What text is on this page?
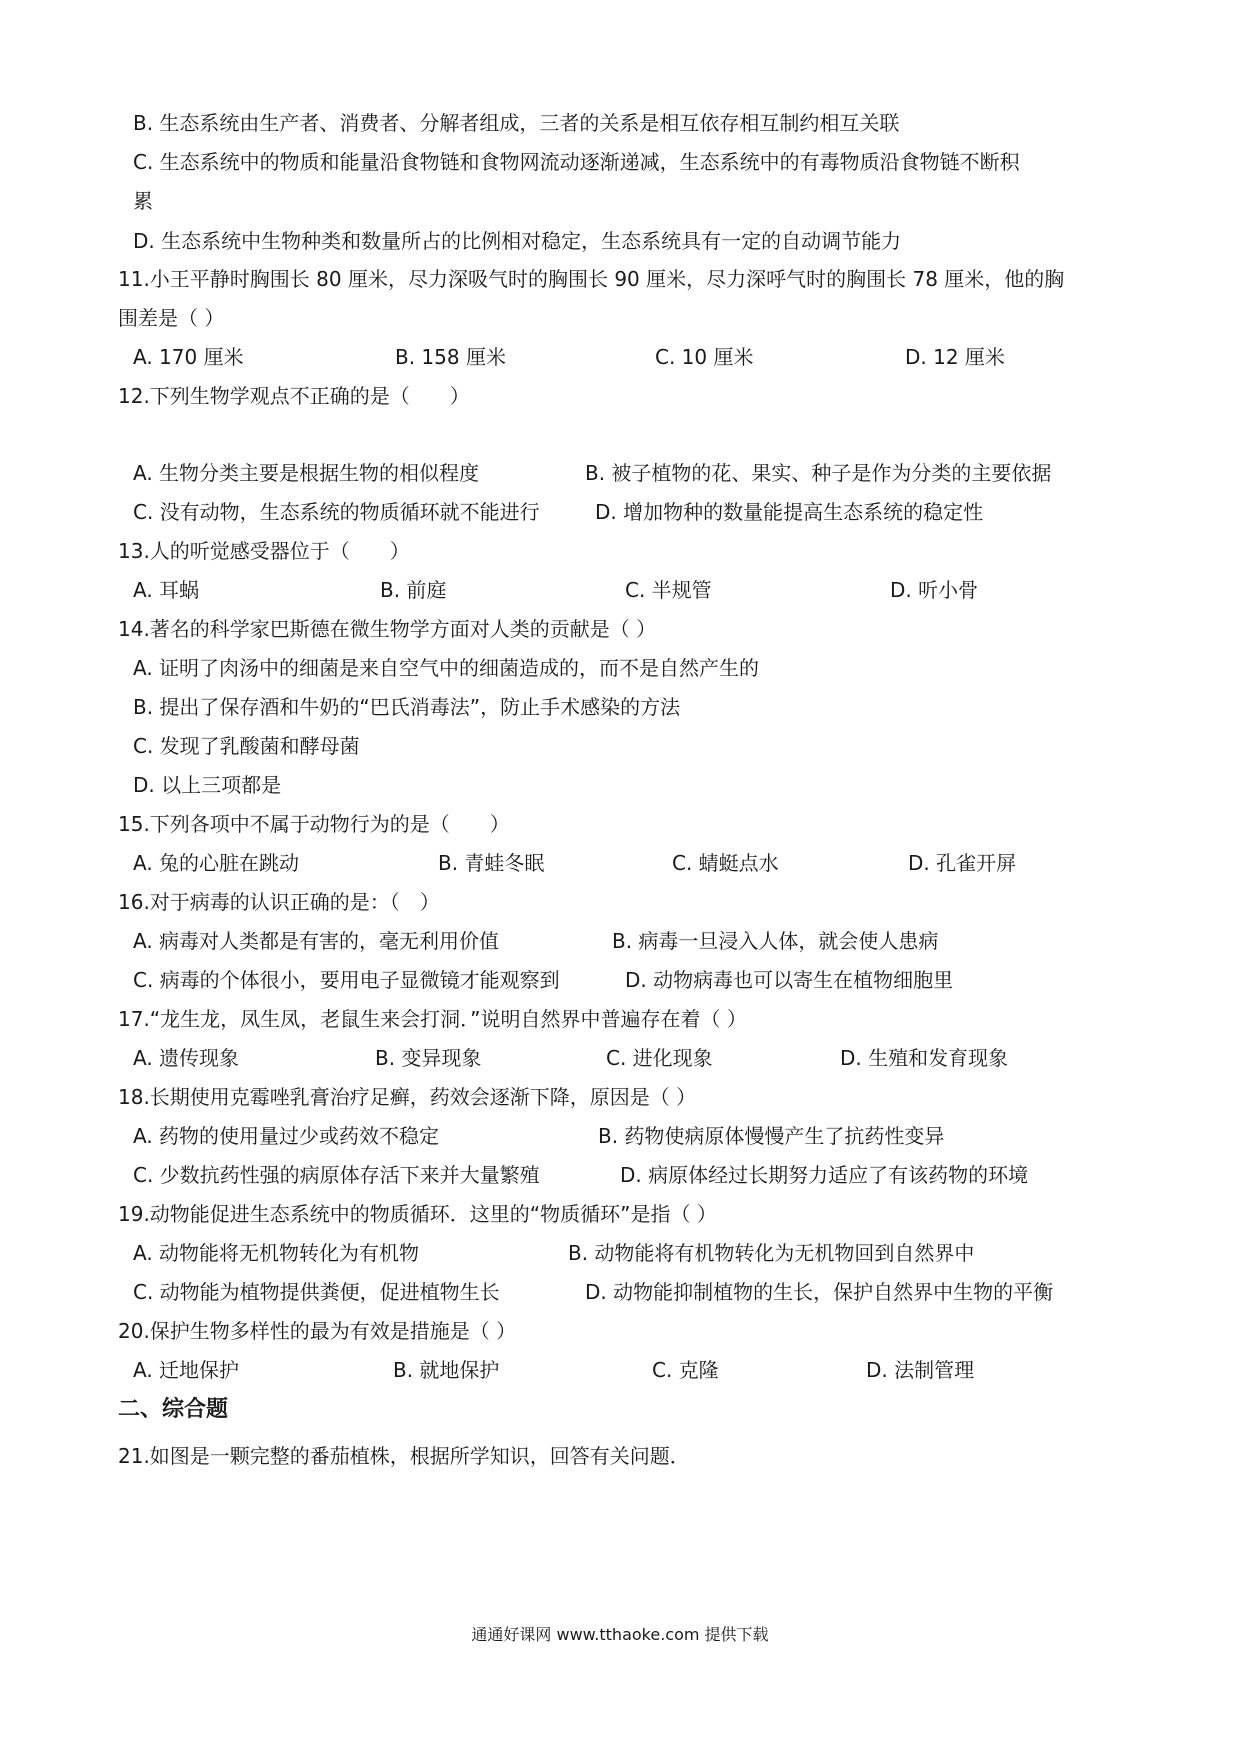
B. 生态系统由生产者、消费者、分解者组成，三者的关系是相互依存相互制约相互关联
C. 生态系统中的物质和能量沿食物链和食物网流动逐渐递减，生态系统中的有毒物质沿食物链不断积
累
D. 生态系统中生物种类和数量所占的比例相对稳定，生态系统具有一定的自动调节能力
11.小王平静时胸围长 80 厘米，尽力深吸气时的胸围长 90 厘米，尽力深呼气时的胸围长 78 厘米，他的胸
围差是（ ）
A. 170 厘米	B. 158 厘米	C. 10 厘米	D. 12 厘米
12.下列生物学观点不正确的是（　　）
A. 生物分类主要是根据生物的相似程度	B. 被子植物的花、果实、种子是作为分类的主要依据
C. 没有动物，生态系统的物质循环就不能进行	D. 增加物种的数量能提高生态系统的稳定性
13.人的听觉感受器位于（　　）
A. 耳蜗	B. 前庭	C. 半规管	D. 听小骨
14.著名的科学家巴斯德在微生物学方面对人类的贡献是（ ）
A. 证明了肉汤中的细菌是来自空气中的细菌造成的，而不是自然产生的
B. 提出了保存酒和牛奶的“巴氏消毒法”，防止手术感染的方法
C. 发现了乳酸菌和酵母菌
D. 以上三项都是
15.下列各项中不属于动物行为的是（　　）
A. 兔的心脏在跳动	B. 青蛙冬眠	C. 蜻蜓点水	D. 孔雀开屏
16.对于病毒的认识正确的是：（　）
A. 病毒对人类都是有害的，毫无利用价值	B. 病毒一旦浸入人体，就会使人患病
C. 病毒的个体很小，要用电子显微镜才能观察到	D. 动物病毒也可以寄生在植物细胞里
17.“龙生龙，凤生凤，老鼠生来会打洞．”说明自然界中普遍存在着（ ）
A. 遗传现象	B. 变异现象	C. 进化现象	D. 生殖和发育现象
18.长期使用克霉唑乳膏治疗足癣，药效会逐渐下降，原因是（ ）
A. 药物的使用量过少或药效不稳定	B. 药物使病原体慢慢产生了抗药性变异
C. 少数抗药性强的病原体存活下来并大量繁殖	D. 病原体经过长期努力适应了有该药物的环境
19.动物能促进生态系统中的物质循环．这里的“物质循环”是指（ ）
A. 动物能将无机物转化为有机物	B. 动物能将有机物转化为无机物回到自然界中
C. 动物能为植物提供粪便，促进植物生长	D. 动物能抑制植物的生长，保护自然界中生物的平衡
20.保护生物多样性的最为有效是措施是（ ）
A. 迁地保护	B. 就地保护	C. 克隆	D. 法制管理
二、综合题
21.如图是一颗完整的番茄植株，根据所学知识，回答有关问题．
通通好课网 www.tthaoke.com 提供下载
